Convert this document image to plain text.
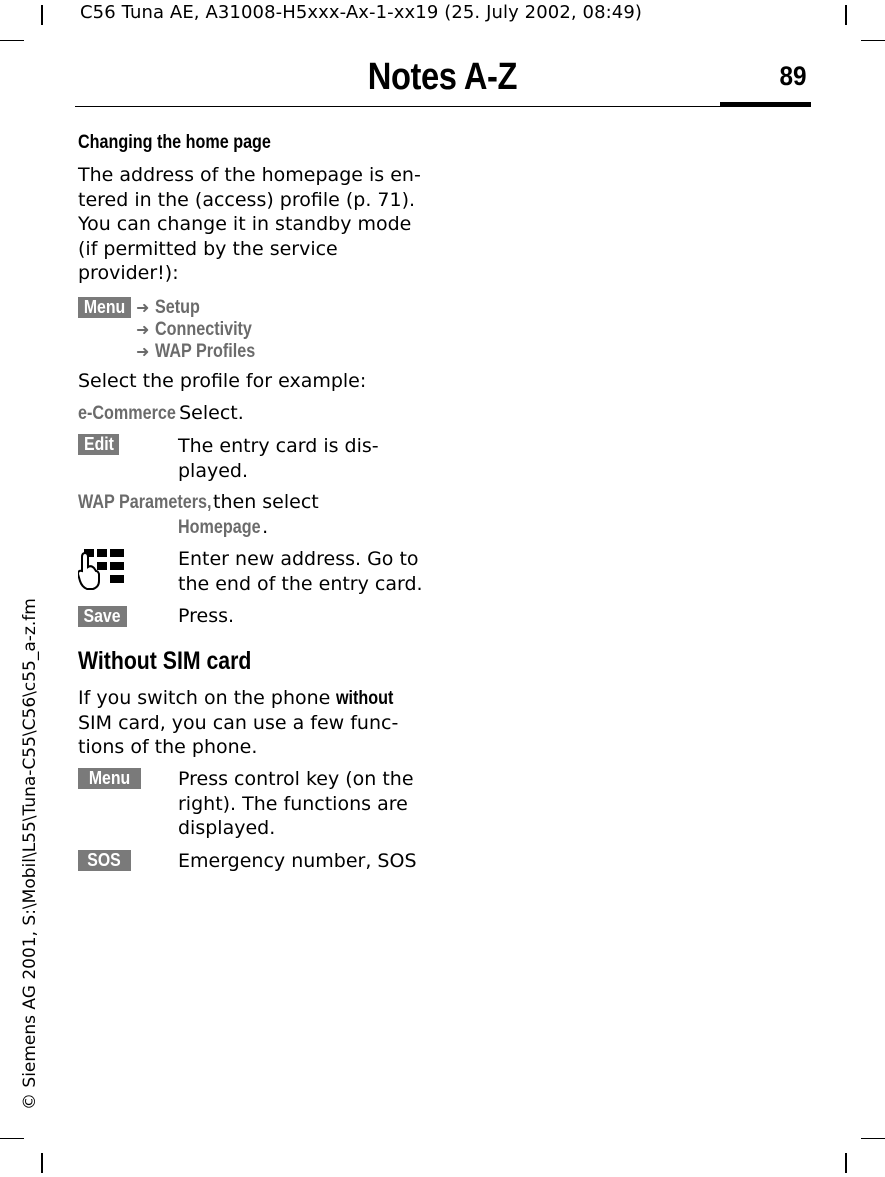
C56 Tuna AE, A31008-H5xxx-Ax-1-xx19 (25. July 2002, 08:49)
Notes A-Z	89
© Siemens AG 2001, S:\Mobil\L55\Tuna-C55\C56\c55_a-z.fm
Changing the home page
The address of the homepage is en-
tered in the (access) profile (p. 71).
You can change it in standby mode
(if permitted by the service
provider!):
Menu ➜ Setup
➜ Connectivity
➜ WAP Profiles
Select the profile for example:
e-Commerce Select.
Edit	The entry card is dis-
played.
WAP Parameters,then select
Homepage.
Enter new address. Go to
the end of the entry card.
Save	Press.
Without SIM card
If you switch on the phone without
SIM card, you can use a few func-
tions of the phone.
Menu	Press control key (on the
right). The functions are
displayed.
SOS	Emergency number, SOS
